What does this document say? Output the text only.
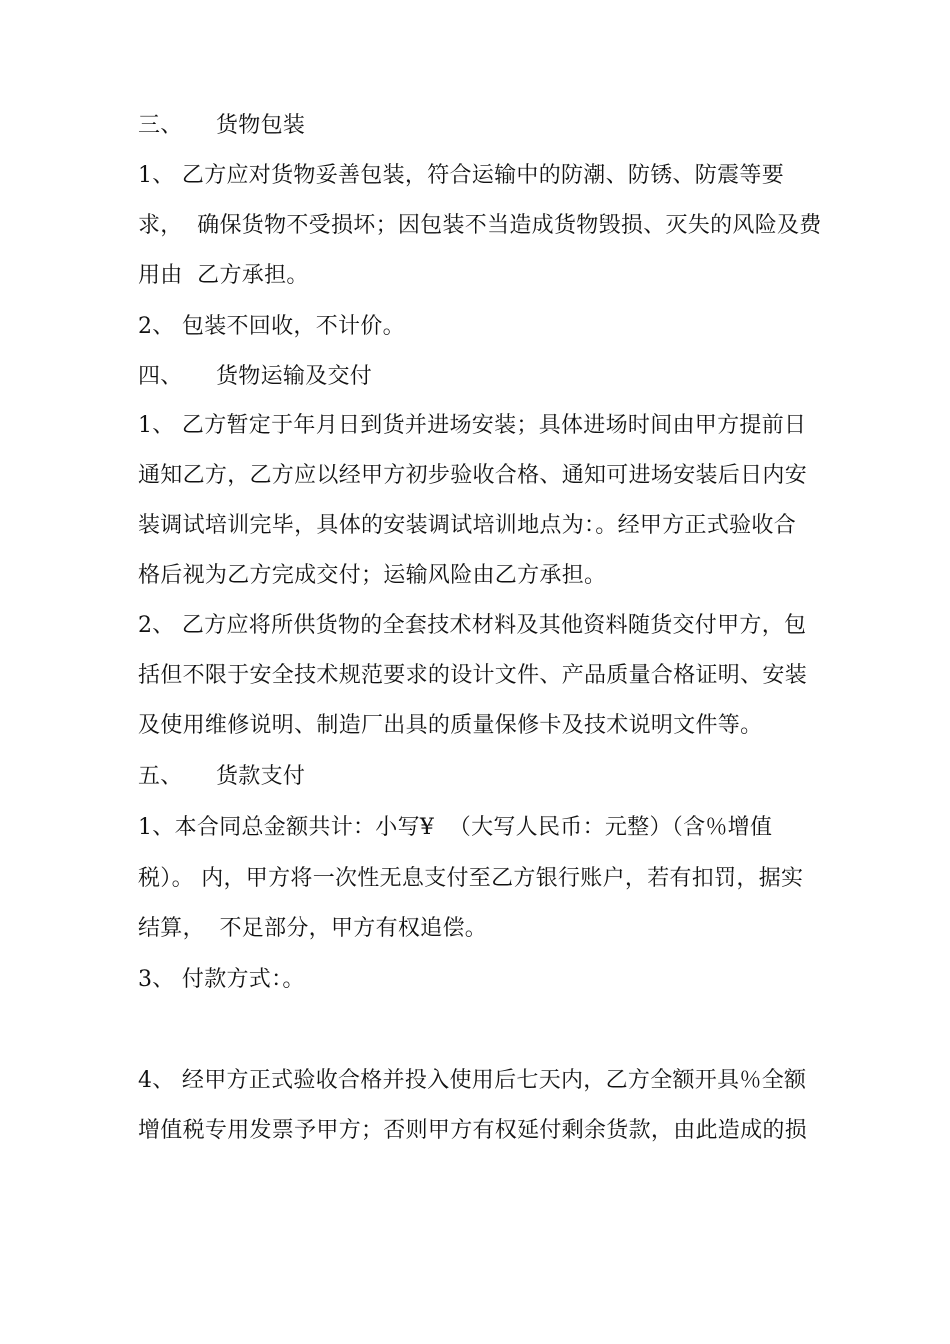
三、 货物包装
1、 乙方应对货物妥善包装，符合运输中的防潮、防锈、防震等要
求，  确保货物不受损坏；因包装不当造成货物毁损、灭失的风险及费
用由  乙方承担。
2、 包装不回收，不计价。
四、 货物运输及交付
1、 乙方暂定于年月日到货并进场安装；具体进场时间由甲方提前日
通知乙方，乙方应以经甲方初步验收合格、通知可进场安装后日内安
装调试培训完毕，具体的安装调试培训地点为：。经甲方正式验收合
格后视为乙方完成交付；运输风险由乙方承担。
2、 乙方应将所供货物的全套技术材料及其他资料随货交付甲方，包
括但不限于安全技术规范要求的设计文件、产品质量合格证明、安装
及使用维修说明、制造厂出具的质量保修卡及技术说明文件等。
五、 货款支付
1、本合同总金额共计：小写¥  （大写人民币：元整）（含％增值
税）。 内，甲方将一次性无息支付至乙方银行账户，若有扣罚，据实
结算，  不足部分，甲方有权追偿。
3、 付款方式：。
4、 经甲方正式验收合格并投入使用后七天内，乙方全额开具％全额
增值税专用发票予甲方；否则甲方有权延付剩余货款，由此造成的损
